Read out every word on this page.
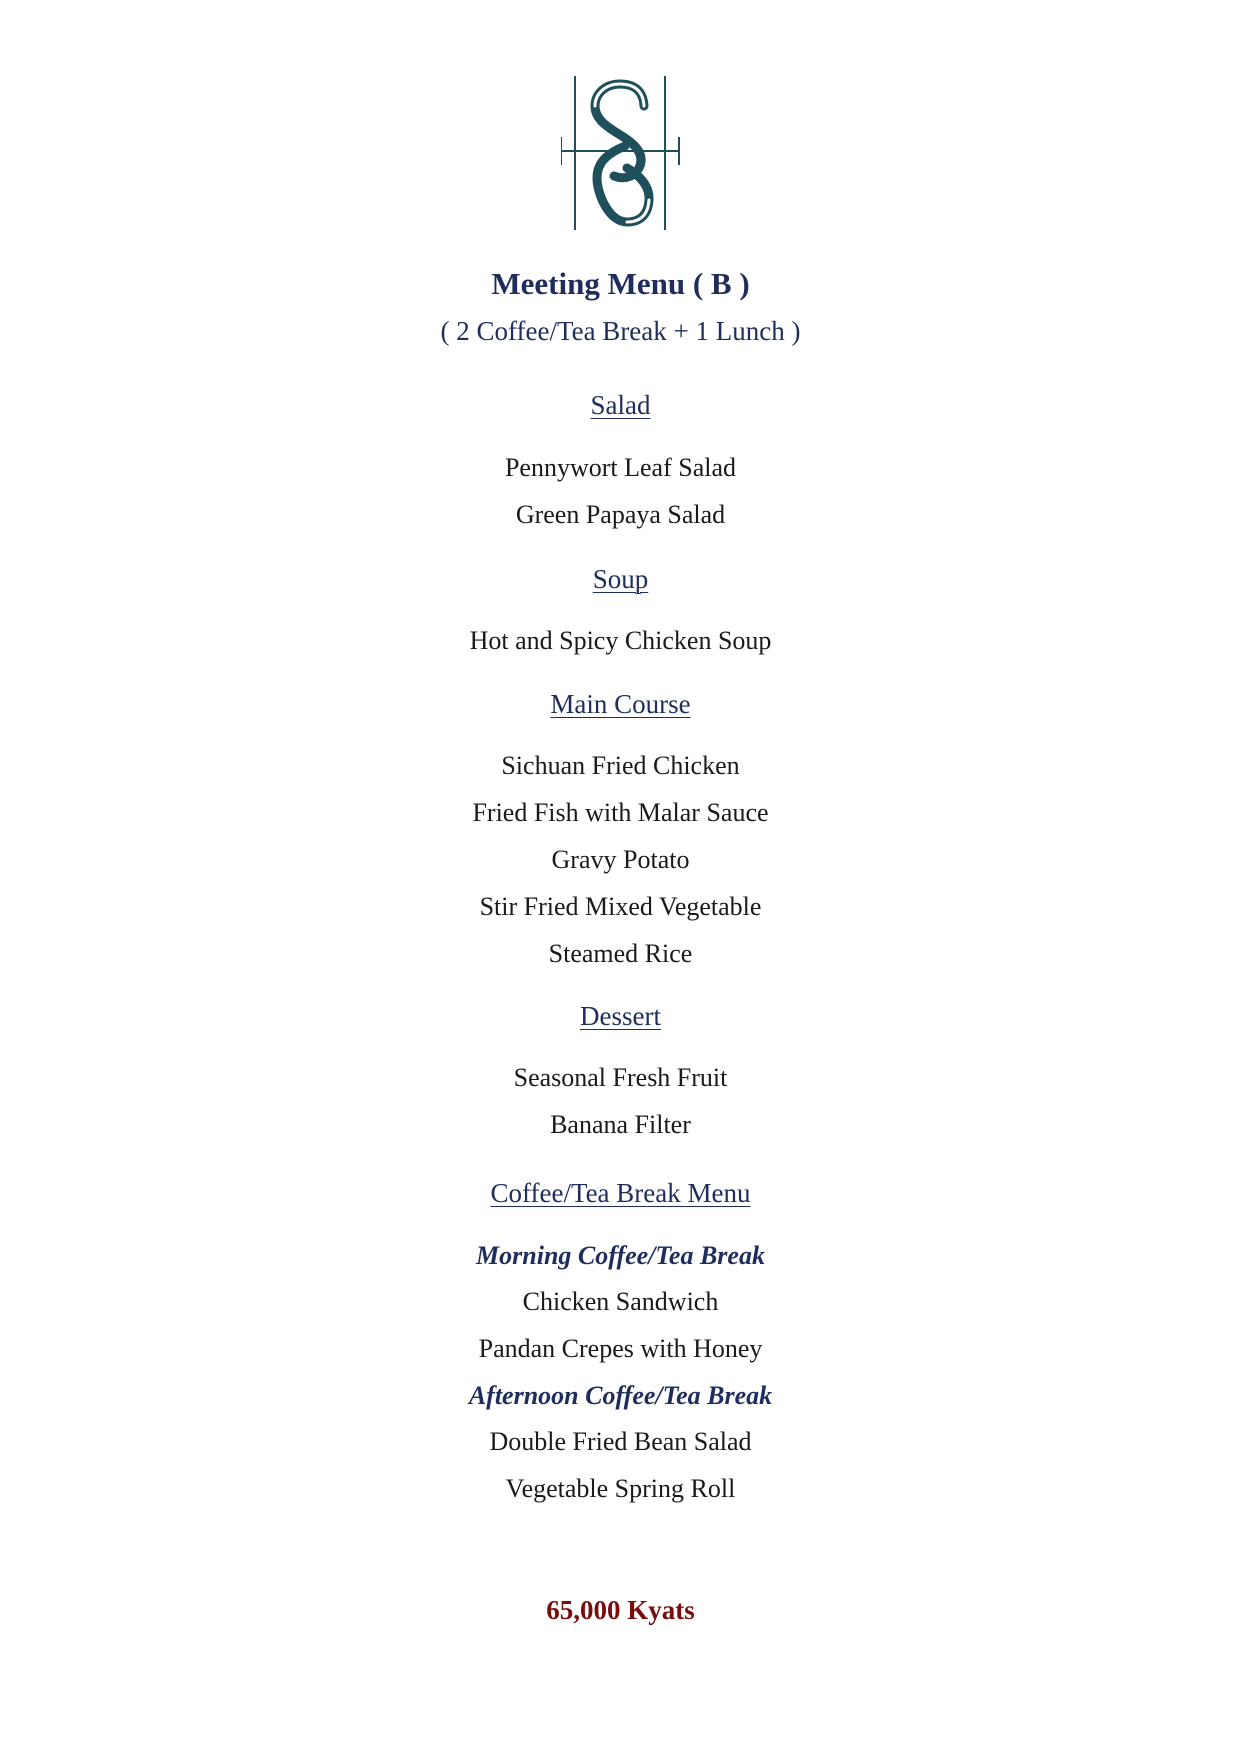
Meeting Menu ( B )
( 2 Coffee/Tea Break + 1 Lunch )
Salad
Pennywort Leaf Salad
Green Papaya Salad
Soup
Hot and Spicy Chicken Soup
Main Course
Sichuan Fried Chicken
Fried Fish with Malar Sauce
Gravy Potato
Stir Fried Mixed Vegetable
Steamed Rice
Dessert
Seasonal Fresh Fruit
Banana Filter
Coffee/Tea Break Menu
Morning Coffee/Tea Break
Chicken Sandwich
Pandan Crepes with Honey
Afternoon Coffee/Tea Break
Double Fried Bean Salad
Vegetable Spring Roll
65,000 Kyats
